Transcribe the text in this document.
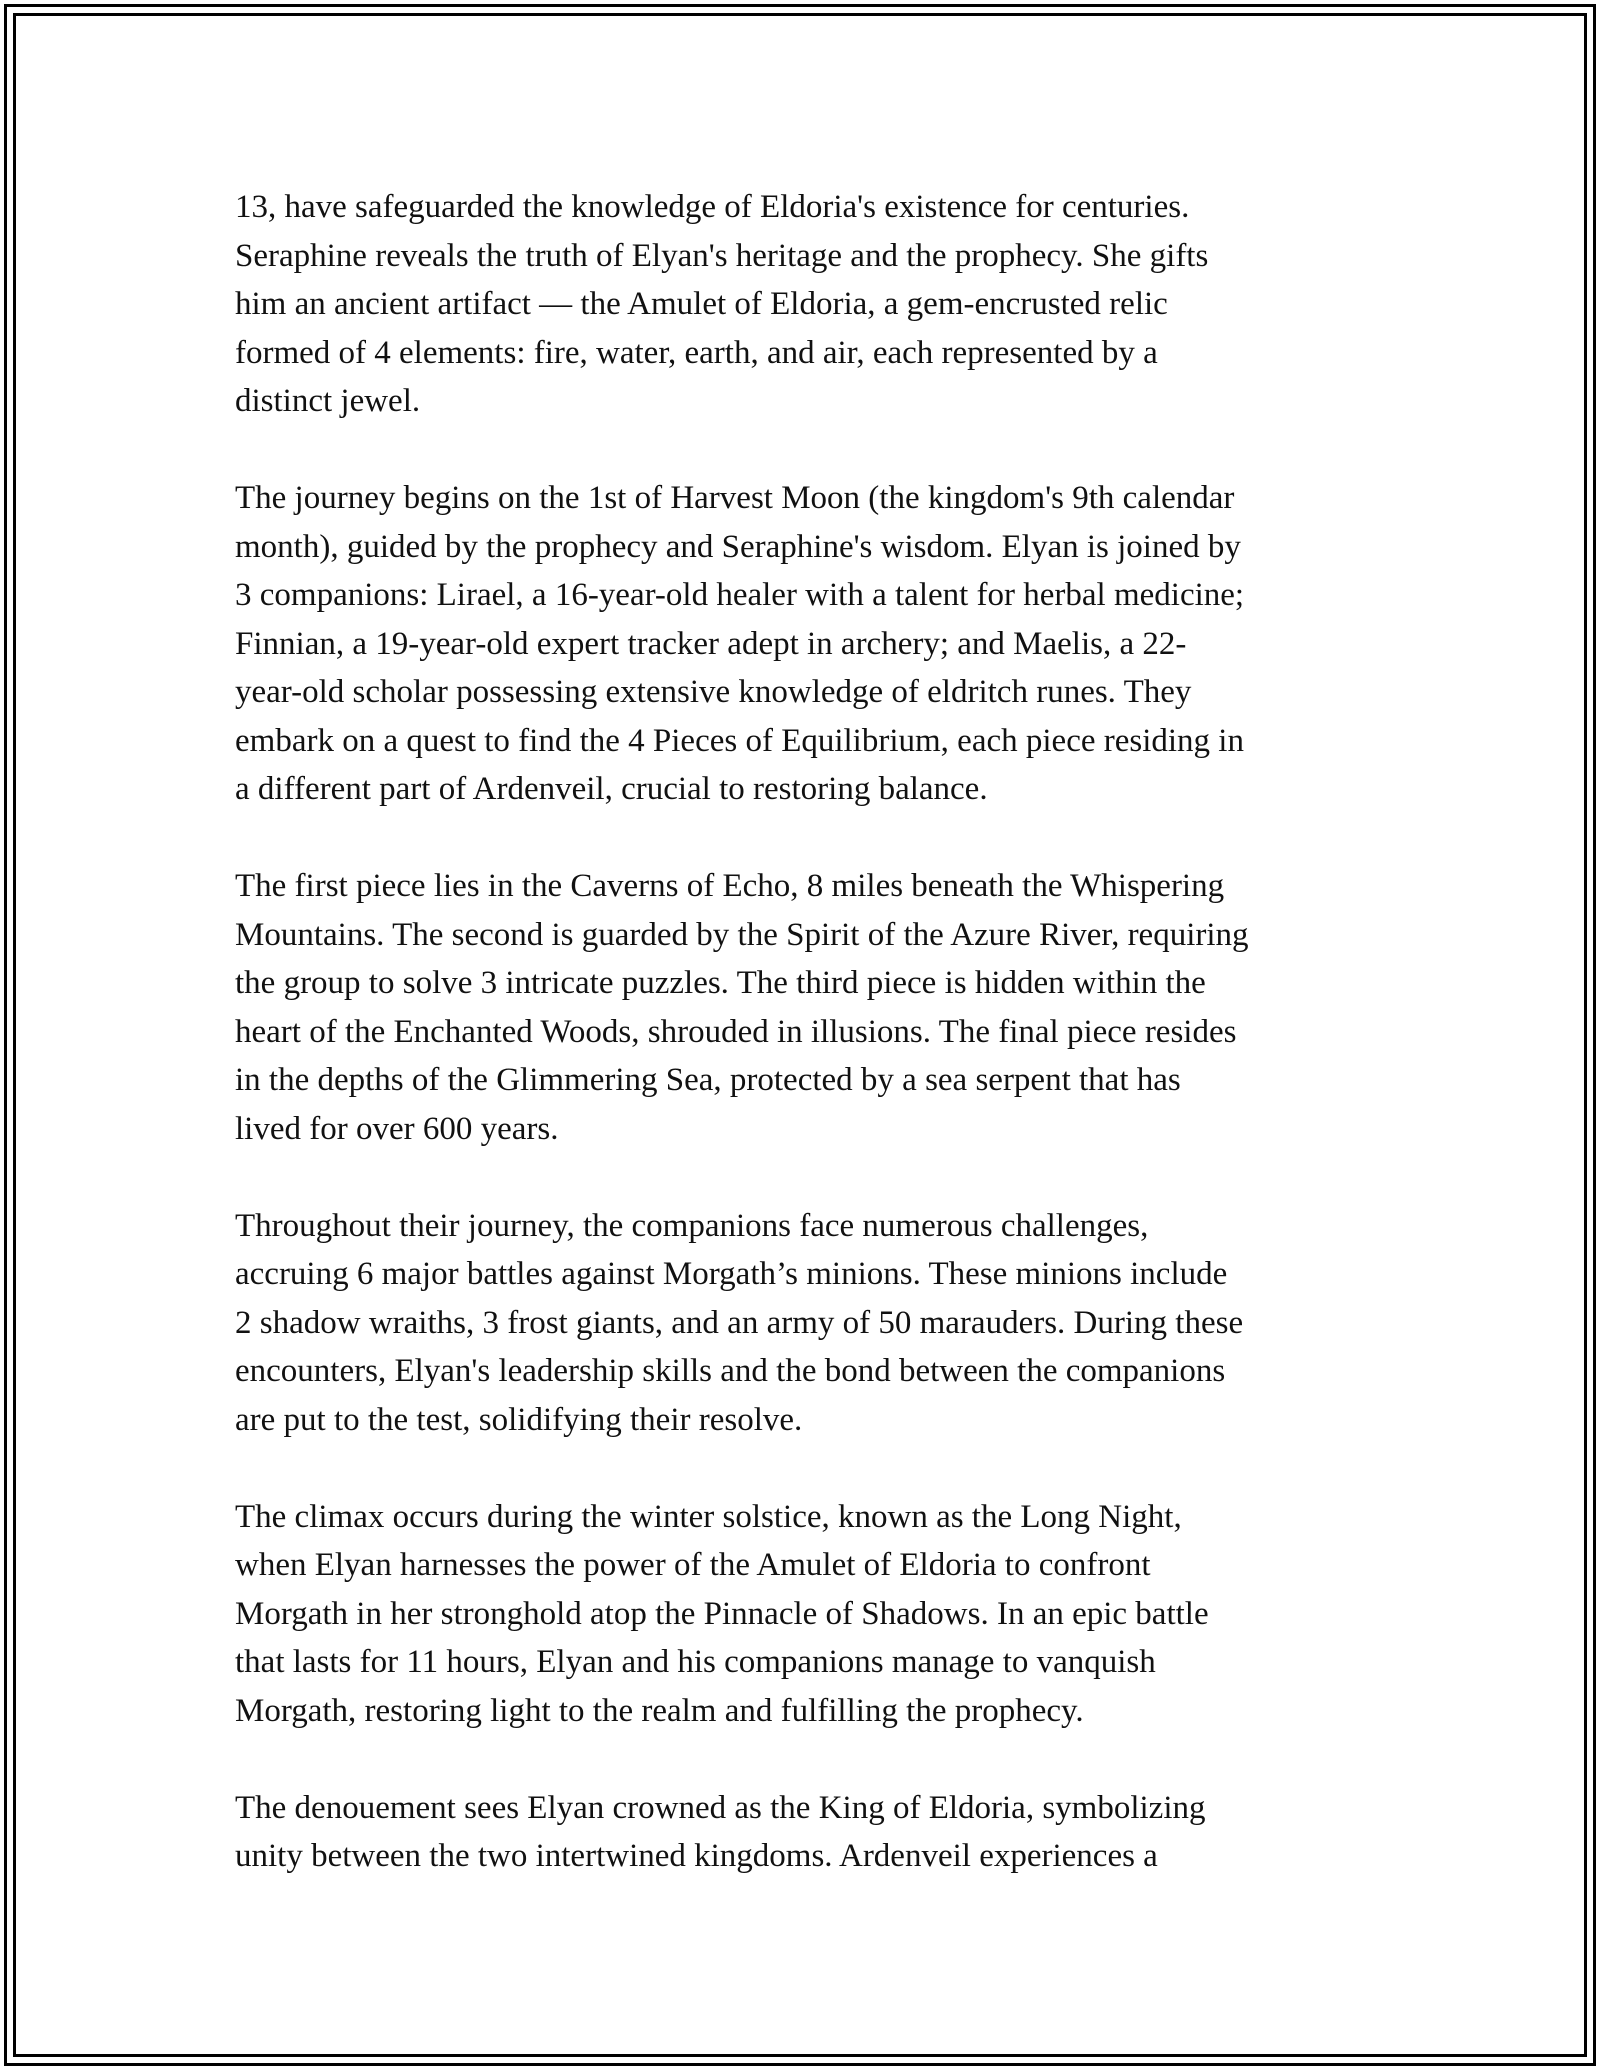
13, have safeguarded the knowledge of Eldoria's existence for centuries.
Seraphine reveals the truth of Elyan's heritage and the prophecy. She gifts
him an ancient artifact — the Amulet of Eldoria, a gem-encrusted relic
formed of 4 elements: fire, water, earth, and air, each represented by a
distinct jewel.

The journey begins on the 1st of Harvest Moon (the kingdom's 9th calendar
month), guided by the prophecy and Seraphine's wisdom. Elyan is joined by
3 companions: Lirael, a 16-year-old healer with a talent for herbal medicine;
Finnian, a 19-year-old expert tracker adept in archery; and Maelis, a 22-
year-old scholar possessing extensive knowledge of eldritch runes. They
embark on a quest to find the 4 Pieces of Equilibrium, each piece residing in
a different part of Ardenveil, crucial to restoring balance.

The first piece lies in the Caverns of Echo, 8 miles beneath the Whispering
Mountains. The second is guarded by the Spirit of the Azure River, requiring
the group to solve 3 intricate puzzles. The third piece is hidden within the
heart of the Enchanted Woods, shrouded in illusions. The final piece resides
in the depths of the Glimmering Sea, protected by a sea serpent that has
lived for over 600 years.

Throughout their journey, the companions face numerous challenges,
accruing 6 major battles against Morgath’s minions. These minions include
2 shadow wraiths, 3 frost giants, and an army of 50 marauders. During these
encounters, Elyan's leadership skills and the bond between the companions
are put to the test, solidifying their resolve.

The climax occurs during the winter solstice, known as the Long Night,
when Elyan harnesses the power of the Amulet of Eldoria to confront
Morgath in her stronghold atop the Pinnacle of Shadows. In an epic battle
that lasts for 11 hours, Elyan and his companions manage to vanquish
Morgath, restoring light to the realm and fulfilling the prophecy.

The denouement sees Elyan crowned as the King of Eldoria, symbolizing
unity between the two intertwined kingdoms. Ardenveil experiences a
